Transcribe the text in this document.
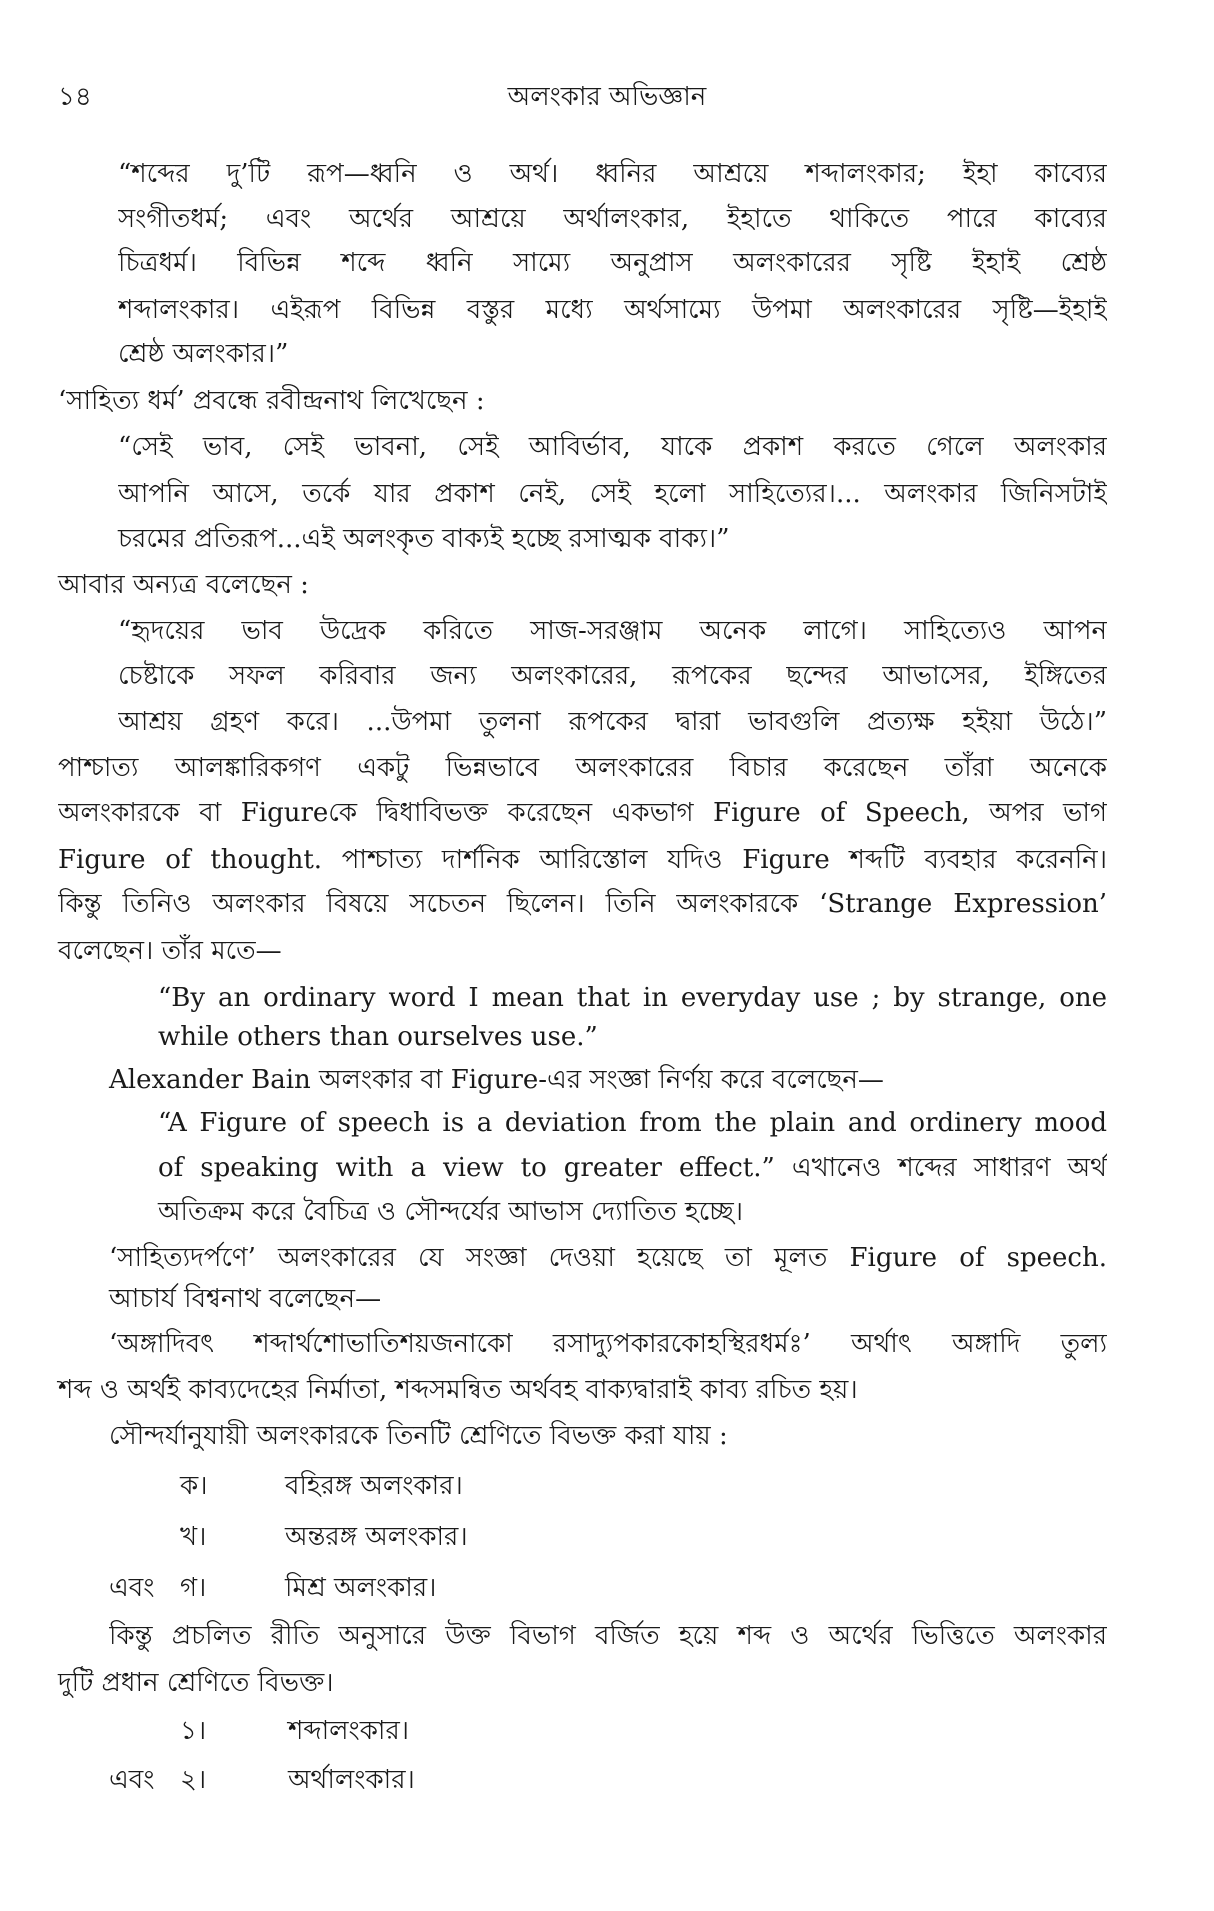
১৪	অলংকার অভিজ্ঞান
“শব্দের দু’টি রূপ—ধ্বনি ও অর্থ। ধ্বনির আশ্রয়ে শব্দালংকার; ইহা কাব্যের
সংগীতধর্ম; এবং অর্থের আশ্রয়ে অর্থালংকার, ইহাতে থাকিতে পারে কাব্যের
চিত্রধর্ম। বিভিন্ন শব্দে ধ্বনি সাম্যে অনুপ্রাস অলংকারের সৃষ্টি ইহাই শ্রেষ্ঠ
শব্দালংকার। এইরূপ বিভিন্ন বস্তুর মধ্যে অর্থসাম্যে উপমা অলংকারের সৃষ্টি—ইহাই
শ্রেষ্ঠ অলংকার।”
‘সাহিত্য ধর্ম’ প্রবন্ধে রবীন্দ্রনাথ লিখেছেন :
“সেই ভাব, সেই ভাবনা, সেই আবির্ভাব, যাকে প্রকাশ করতে গেলে অলংকার
আপনি আসে, তর্কে যার প্রকাশ নেই, সেই হলো সাহিত্যের।... অলংকার জিনিসটাই
চরমের প্রতিরূপ...এই অলংকৃত বাক্যই হচ্ছে রসাত্মক বাক্য।”
আবার অন্যত্র বলেছেন :
“হৃদয়ের ভাব উদ্রেক করিতে সাজ-সরঞ্জাম অনেক লাগে। সাহিত্যেও আপন
চেষ্টাকে সফল করিবার জন্য অলংকারের, রূপকের ছন্দের আভাসের, ইঙ্গিতের
আশ্রয় গ্রহণ করে। ...উপমা তুলনা রূপকের দ্বারা ভাবগুলি প্রত্যক্ষ হইয়া উঠে।”
পাশ্চাত্য আলঙ্কারিকগণ একটু ভিন্নভাবে অলংকারের বিচার করেছেন তাঁরা অনেকে
অলংকারকে বা Figureকে দ্বিধাবিভক্ত করেছেন একভাগ Figure of Speech, অপর ভাগ
Figure of thought. পাশ্চাত্য দার্শনিক আরিস্তোল যদিও Figure শব্দটি ব্যবহার করেননি।
কিন্তু তিনিও অলংকার বিষয়ে সচেতন ছিলেন। তিনি অলংকারকে ‘Strange Expression’
বলেছেন। তাঁর মতে—
“By an ordinary word I mean that in everyday use ; by strange, one
while others than ourselves use.”
Alexander Bain অলংকার বা Figure-এর সংজ্ঞা নির্ণয় করে বলেছেন—
“A Figure of speech is a deviation from the plain and ordinery mood
of speaking with a view to greater effect.” এখানেও শব্দের সাধারণ অর্থ
অতিক্রম করে বৈচিত্র ও সৌন্দর্যের আভাস দ্যোতিত হচ্ছে।
‘সাহিত্যদর্পণে’ অলংকারের যে সংজ্ঞা দেওয়া হয়েছে তা মূলত Figure of speech.
আচার্য বিশ্বনাথ বলেছেন—
‘অঙ্গাদিবৎ শব্দার্থশোভাতিশয়জনাকো রসাদ্যুপকারকোহস্থিরধর্মঃ’ অর্থাৎ অঙ্গাদি তুল্য
শব্দ ও অর্থই কাব্যদেহের নির্মাতা, শব্দসমন্বিত অর্থবহ বাক্যদ্বারাই কাব্য রচিত হয়।
সৌন্দর্যানুযায়ী অলংকারকে তিনটি শ্রেণিতে বিভক্ত করা যায় :
ক।	বহিরঙ্গ অলংকার।
খ।	অন্তরঙ্গ অলংকার।
এবং গ।	মিশ্র অলংকার।
কিন্তু প্রচলিত রীতি অনুসারে উক্ত বিভাগ বর্জিত হয়ে শব্দ ও অর্থের ভিত্তিতে অলংকার
দুটি প্রধান শ্রেণিতে বিভক্ত।
১।	শব্দালংকার।
এবং ২।	অর্থালংকার।
